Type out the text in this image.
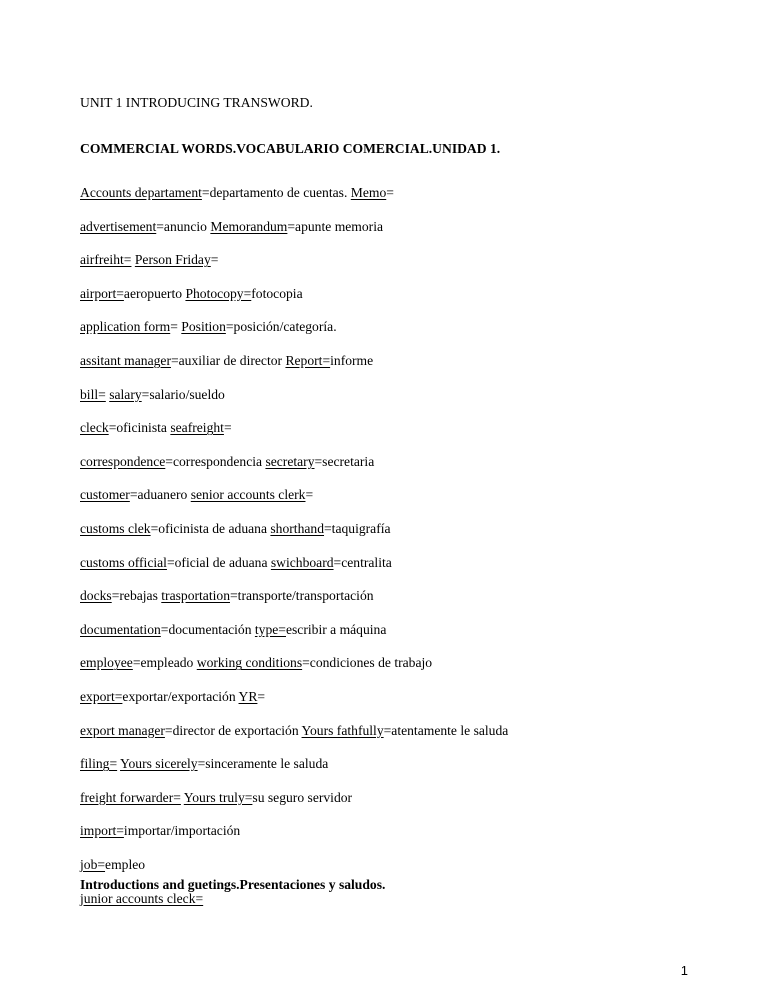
UNIT 1 INTRODUCING TRANSWORD.
COMMERCIAL WORDS.VOCABULARIO COMERCIAL.UNIDAD 1.
Accounts departament=departamento de cuentas. Memo=
advertisement=anuncio Memorandum=apunte memoria
airfreiht= Person Friday=
airport=aeropuerto Photocopy=fotocopia
application form= Position=posición/categoría.
assitant manager=auxiliar de director Report=informe
bill= salary=salario/sueldo
cleck=oficinista seafreight=
correspondence=correspondencia secretary=secretaria
customer=aduanero senior accounts clerk=
customs clek=oficinista de aduana shorthand=taquigrafía
customs official=oficial de aduana swichboard=centralita
docks=rebajas trasportation=transporte/transportación
documentation=documentación type=escribir a máquina
employee=empleado working conditions=condiciones de trabajo
export=exportar/exportación YR=
export manager=director de exportación Yours fathfully=atentamente le saluda
filing= Yours sicerely=sinceramente le saluda
freight forwarder= Yours truly=su seguro servidor
import=importar/importación
job=empleo
junior accounts cleck=
Introductions and guetings.Presentaciones y saludos.
1
